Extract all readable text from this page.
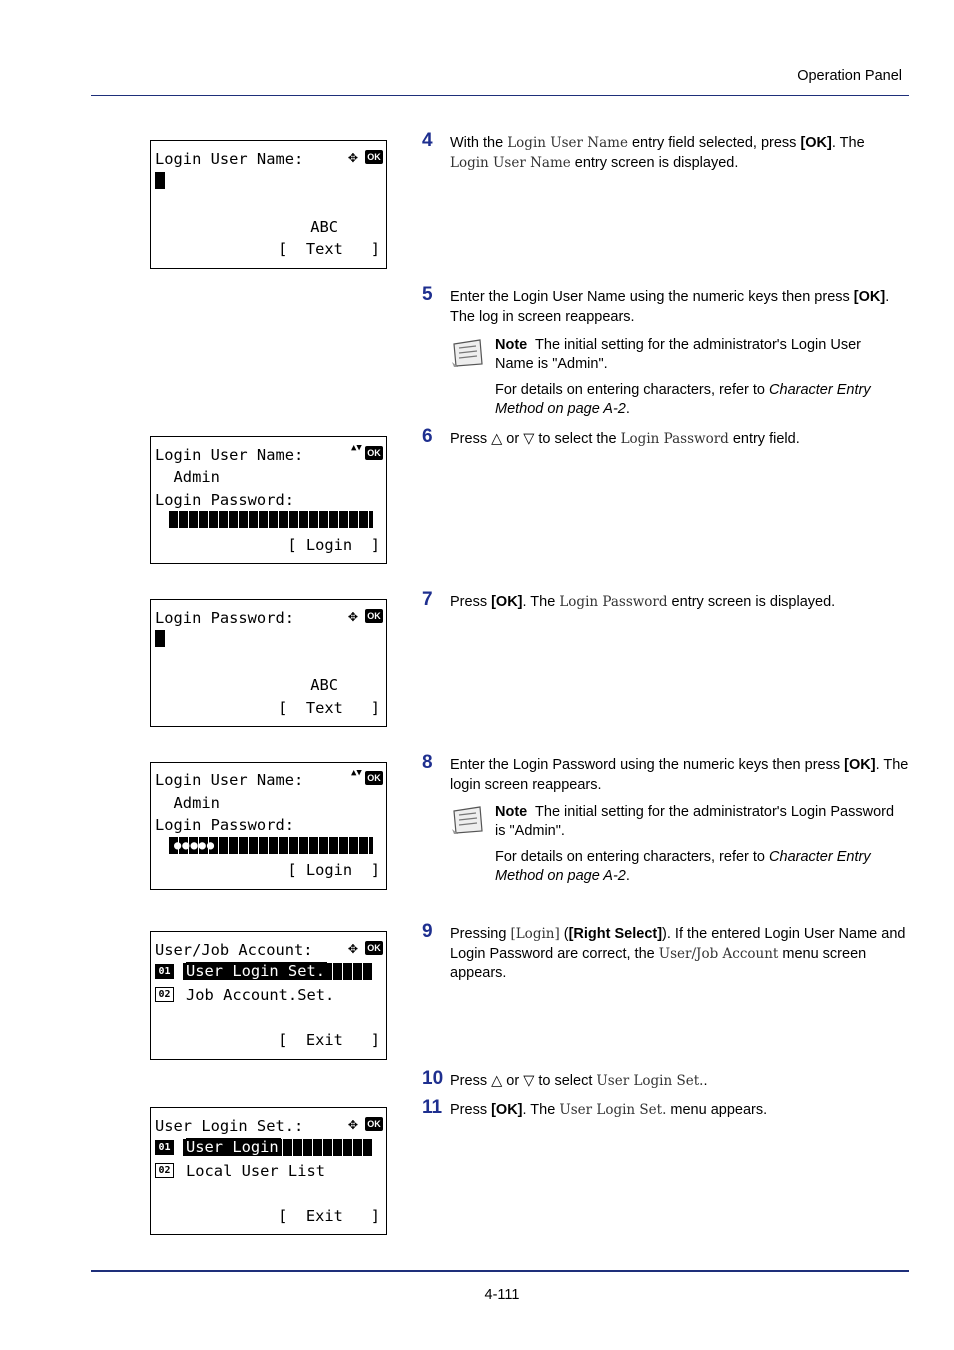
Operation Panel
Login User Name:	✥	OK
ABC
[  Text   ]
Login User Name:	▲▼ OK
Admin
Login Password:
[ Login  ]
Login Password:	✥	OK
ABC
[  Text   ]
Login User Name:	▲▼ OK
Admin
Login Password:
●●●●●
[ Login  ]
User/Job Account: ✥	OK
01 User Login Set.
02 Job Account.Set.
[  Exit   ]
User Login Set.:	✥	OK
01 User Login
02 Local User List
[  Exit   ]
4 With the Login User Name entry field selected, press [OK]. The
Login User Name entry screen is displayed.
5 Enter the Login User Name using the numeric keys then press [OK]. The log in screen reappears.

Note The initial setting for the administrator's Login User Name is "Admin".

For details on entering characters, refer to Character Entry Method on page A-2.

6 Press △ or ▽ to select the Login Password entry field.
7 Press [OK]. The Login Password entry screen is displayed.
8 Enter the Login Password using the numeric keys then press [OK]. The login screen reappears.

Note The initial setting for the administrator's Login Password is "Admin".

For details on entering characters, refer to Character Entry Method on page A-2.

9 Pressing [Login] ([Right Select]). If the entered Login User Name and Login Password are correct, the User/Job Account menu screen appears.
10 Press △ or ▽ to select User Login Set..
11 Press [OK]. The User Login Set. menu appears.
4-111
